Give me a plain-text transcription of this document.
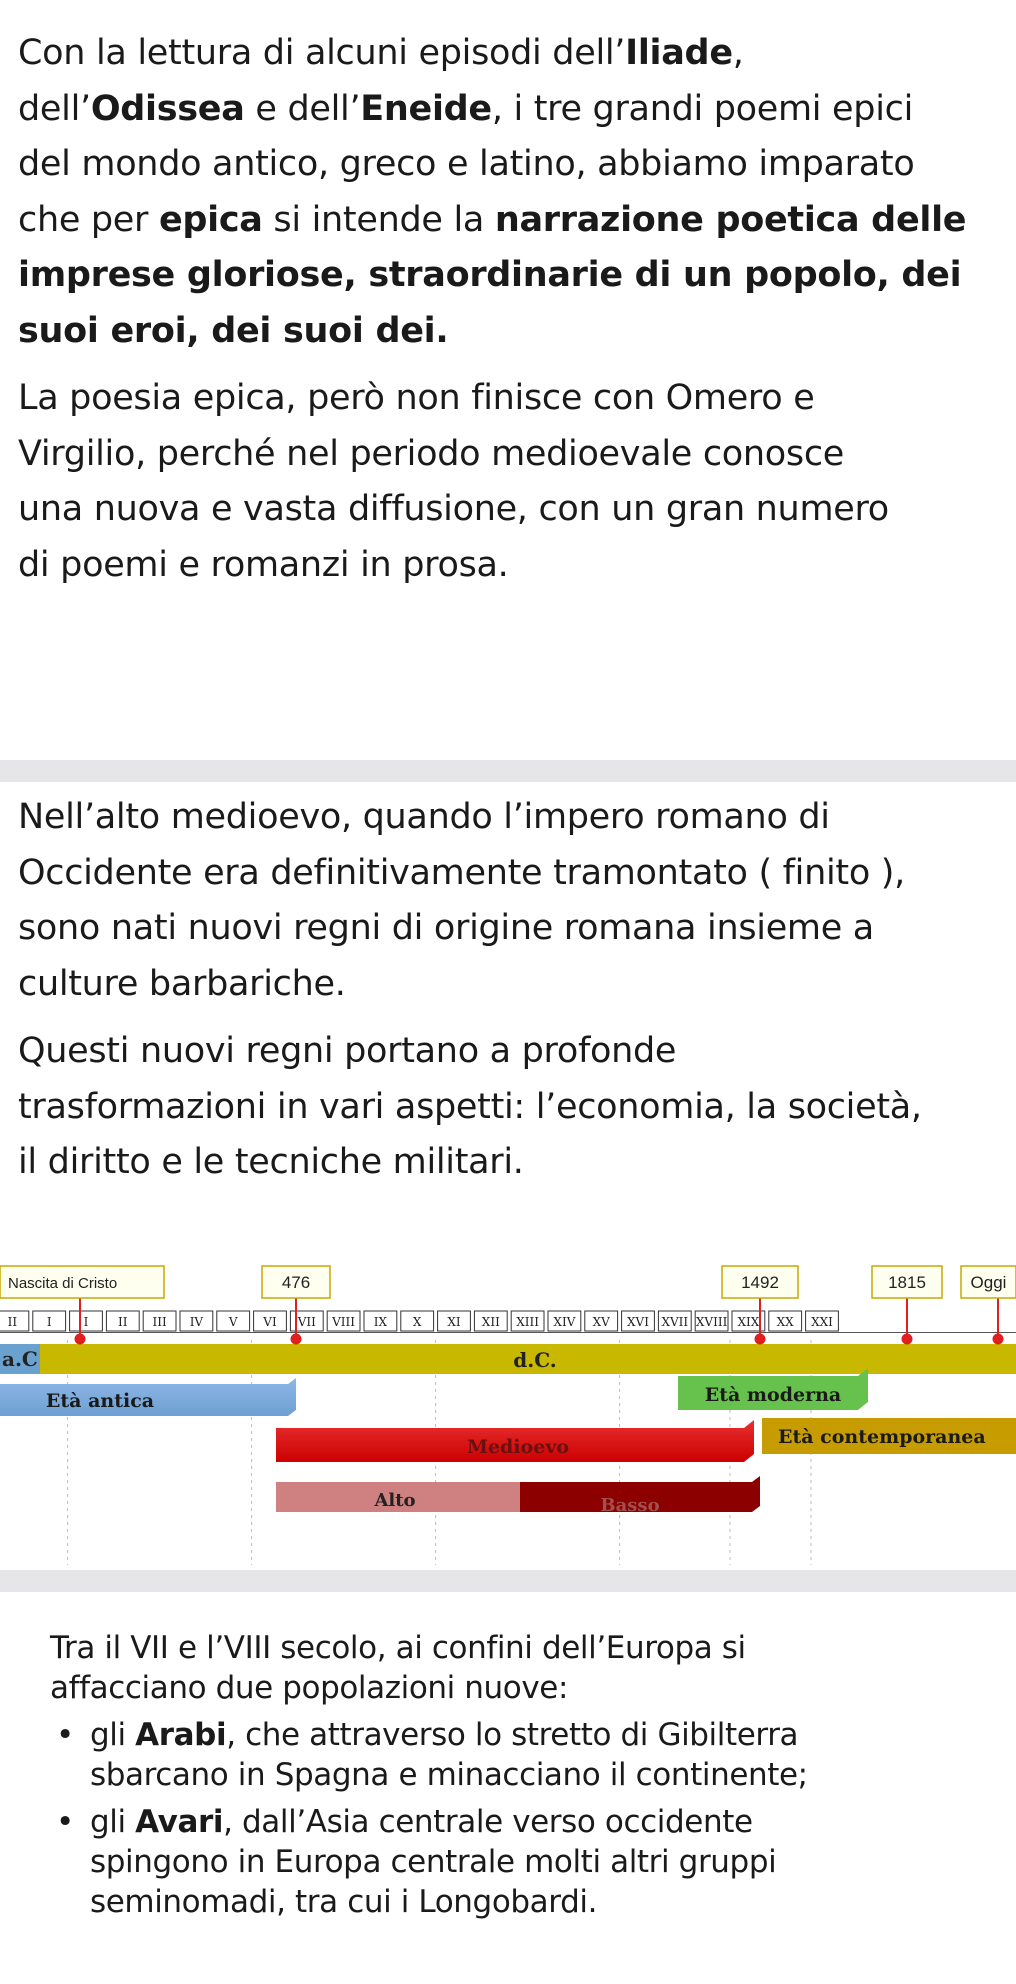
Con la lettura di alcuni episodi dell’Iliade,
dell’Odissea e dell’Eneide, i tre grandi poemi epici
del mondo antico, greco e latino, abbiamo imparato
che per epica si intende la narrazione poetica delle
imprese gloriose, straordinarie di un popolo, dei
suoi eroi, dei suoi dei.

La poesia epica, però non finisce con Omero e
Virgilio, perché nel periodo medioevale conosce
una nuova e vasta diffusione, con un gran numero
di poemi e romanzi in prosa.

Nell’alto medioevo, quando l’impero romano di
Occidente era definitivamente tramontato ( finito ),
sono nati nuovi regni di origine romana insieme a
culture barbariche.

Questi nuovi regni portano a profonde
trasformazioni in vari aspetti: l’economia, la società,
il diritto e le tecniche militari.

II I	I II III IV V VI VII VIII IX X XI XII XIII XIV XV XVI XVII XVIII XIX XX XXI
a.C	d.C.
Età antica	Età moderna
Medioevo	Età contemporanea
Alto	Basso
Nascita di Cristo	476	1492	1815	Oggi

Tra il VII e l’VIII secolo, ai confini dell’Europa si
affacciano due popolazioni nuove:

• gli Arabi, che attraverso lo stretto di Gibilterra
sbarcano in Spagna e minacciano il continente;
• gli Avari, dall’Asia centrale verso occidente
spingono in Europa centrale molti altri gruppi
seminomadi, tra cui i Longobardi.
